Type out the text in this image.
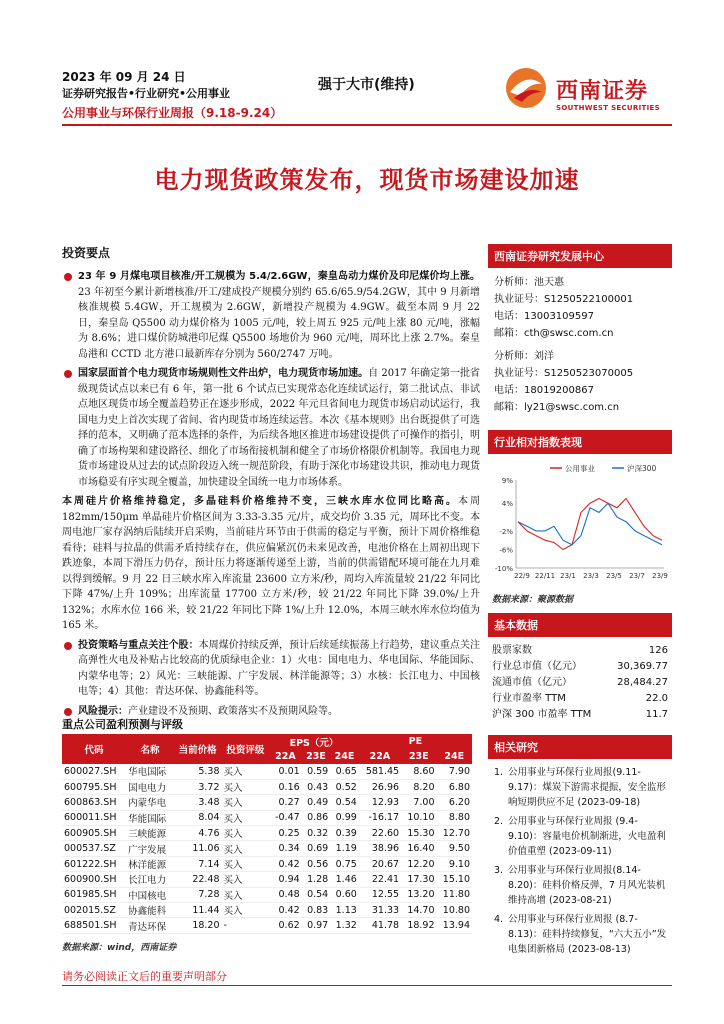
2023 年 09 月 24 日
证券研究报告•行业研究•公用事业
公用事业与环保行业周报（9.18-9.24）
强于大市(维持)	西南证券
SOUTHWEST SECURITIES
电力现货政策发布，现货市场建设加速
投资要点
23 年 9 月煤电项目核准/开工规模为 5.4/2.6GW，秦皇岛动力煤价及印尼煤价均上涨。23 年初至今累计新增核准/开工/建成投产规模分别约 65.6/65.9/54.2GW，其中 9 月新增核准规模 5.4GW，开工规模为 2.6GW，新增投产规模为 4.9GW。截至本周 9 月 22 日，秦皇岛 Q5500 动力煤价格为 1005 元/吨，较上周五 925 元/吨上涨 80 元/吨，涨幅为 8.6%；进口煤价防城港印尼煤 Q5500 场地价为 960 元/吨，周环比上涨 2.7%。秦皇岛港和 CCTD 北方港口最新库存分别为 560/2747 万吨。
国家层面首个电力现货市场规则性文件出炉，电力现货市场加速。自 2017 年确定第一批省级现货试点以来已有 6 年，第一批 6 个试点已实现常态化连续试运行，第二批试点、非试点地区现货市场全覆盖趋势正在逐步形成，2022 年元旦省间电力现货市场启动试运行，我国电力史上首次实现了省间、省内现货市场连续运营。本次《基本规则》出台既提供了可选择的范本，又明确了范本选择的条件，为后续各地区推进市场建设提供了可操作的指引，明确了市场构架和建设路径、细化了市场衔接机制和健全了市场价格限价机制等。我国电力现货市场建设从过去的试点阶段迈入统一规范阶段，有助于深化市场建设共识，推动电力现货市场稳妥有序实现全覆盖，加快建设全国统一电力市场体系。
本周硅片价格维持稳定，多晶硅料价格维持不变，三峡水库水位同比略高。本周 182mm/150μm 单晶硅片价格区间为 3.33-3.35 元/片，成交均价 3.35 元，周环比不变。本周电池厂家存涡纳后陆续开启采购，当前硅片环节由于供需的稳定与平衡，预计下周价格维稳看待；硅料与拉晶的供需矛盾持续存在，供应偏紧沉仍未来见改善，电池价格在上周初出现下跌迹象，本周下滑压力仍存，预计压力将逐渐传递至上游，当前的供需错配环境可能在九月难以得到缓解。9 月 22 日三峡水库入库流量 23600 立方米/秒，周均入库流量较 21/22 年同比下降 47%/上升 109%；出库流量 17700 立方米/秒，较 21/22 年同比下降 39.0%/上升 132%；水库水位 166 米，较 21/22 年同比下降 1%/上升 12.0%，本周三峡水库水位均值为 165 米。
投资策略与重点关注个股：本周煤价持续反弹，预计后续延续振荡上行趋势，建议重点关注高弹性火电及补贴占比较高的优质绿电企业：1）火电：国电电力、华电国际、华能国际、内蒙华电等；2）风光：三峡能源、广宇发展、林洋能源等；3）水核：长江电力、中国核电等；4）其他：青达环保、协鑫能科等。
风险提示：产业建设不及预期、政策落实不及预期风险等。
西南证券研究发展中心
分析师：池天惠
执业证号：S1250522100001
电话：13003109597
邮箱：cth@swsc.com.cn
分析师：刘洋
执业证号：S1250523070005
电话：18019200867
邮箱：ly21@swsc.com.cn
行业相对指数表现
9%
4%
-2%
-6%
-10%
22/9 22/11 23/1 23/3 23/5 23/7 23/9
公用事业	沪深300
数据来源：聚源数据
基本数据
股票家数	126
行业总市值（亿元）	30,369.77
流通市值（亿元）	28,484.27
行业市盈率 TTM	22.0
沪深 300 市盈率 TTM	11.7
相关研究
1. 公用事业与环保行业周报(9.11-9.17)：煤炭下游需求提振，安全监形响短期供应不足 (2023-09-18)
2. 公用事业与环保行业周报 (9.4-9.10)：容量电价机制渐进，火电盈利价值重塑 (2023-09-11)
3. 公用事业与环保行业周报(8.14-8.20)：硅料价格反弹，7 月风光装机维持高增 (2023-08-21)
4. 公用事业与环保行业周报 (8.7-8.13)：硅料持续修复，“六大五小”发电集团新格局 (2023-08-13)
重点公司盈利预测与评级
代码	名称	当前价格	投资评级	EPS（元）			PE		
				22A	23E	24E	22A	23E	24E
600027.SH	华电国际	5.38	买入	0.01	0.59	0.65	581.45	8.60	7.90
600795.SH	国电电力	3.72	买入	0.16	0.43	0.52	26.96	8.20	6.80
600863.SH	内蒙华电	3.48	买入	0.27	0.49	0.54	12.93	7.00	6.20
600011.SH	华能国际	8.04	买入	-0.47	0.86	0.99	-16.17	10.10	8.80
600905.SH	三峡能源	4.76	买入	0.25	0.32	0.39	22.60	15.30	12.70
000537.SZ	广宇发展	11.06	买入	0.34	0.69	1.19	38.96	16.40	9.50
601222.SH	林洋能源	7.14	买入	0.42	0.56	0.75	20.67	12.20	9.10
600900.SH	长江电力	22.48	买入	0.94	1.28	1.46	22.41	17.30	15.10
601985.SH	中国核电	7.28	买入	0.48	0.54	0.60	12.55	13.20	11.80
002015.SZ	协鑫能科	11.44	买入	0.42	0.83	1.13	31.33	14.70	10.80
688501.SH	青达环保	18.20	-	0.62	0.97	1.32	41.78	18.92	13.94
数据来源：wind，西南证券
请务必阅读正文后的重要声明部分
